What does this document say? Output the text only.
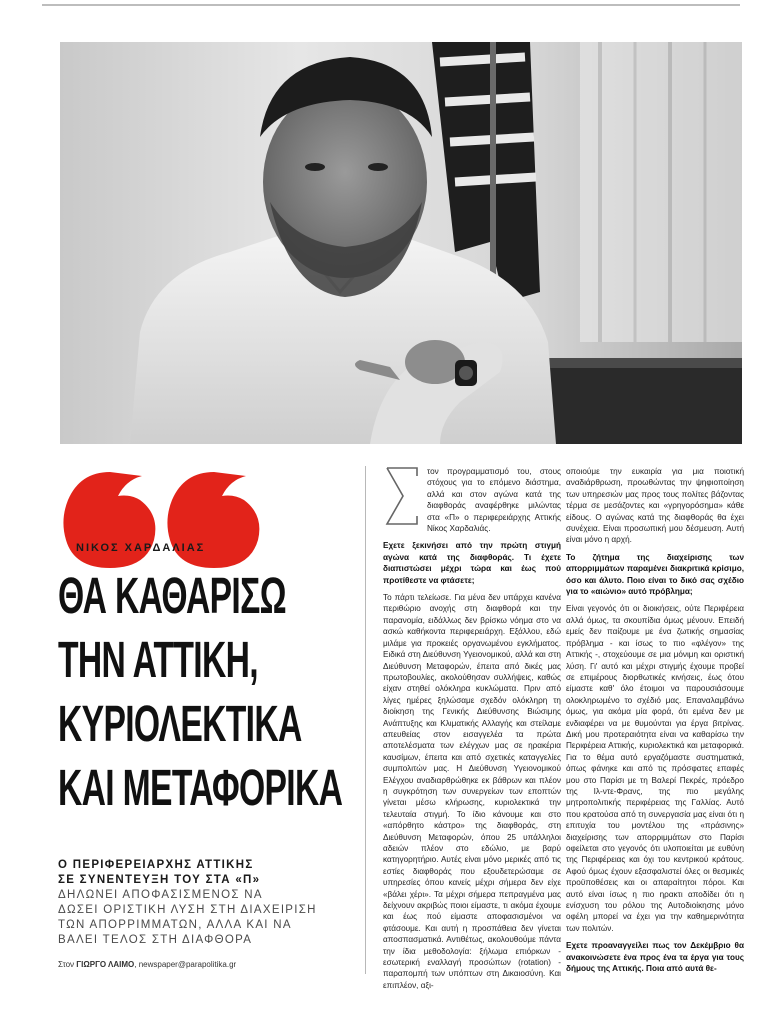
ΝΙΚΟΣ ΧΑΡΔΑΛΙΑΣ
ΘΑ ΚΑΘΑΡΙΣΩ
ΤΗΝ ΑΤΤΙΚΗ,
ΚΥΡΙΟΛΕΚΤΙΚΑ
ΚΑΙ ΜΕΤΑΦΟΡΙΚΑ
Ο ΠΕΡΙΦΕΡΕΙΑΡΧΗΣ ΑΤΤΙΚΗΣ
ΣΕ ΣΥΝΕΝΤΕΥΞΗ ΤΟΥ ΣΤΑ «Π»
ΔΗΛΩΝΕΙ ΑΠΟΦΑΣΙΣΜΕΝΟΣ ΝΑ
ΔΩΣΕΙ ΟΡΙΣΤΙΚΗ ΛΥΣΗ ΣΤΗ ΔΙΑΧΕΙΡΙΣΗ
ΤΩΝ ΑΠΟΡΡΙΜΜΑΤΩΝ, ΑΛΛΑ ΚΑΙ ΝΑ
ΒΑΛΕΙ ΤΕΛΟΣ ΣΤΗ ΔΙΑΦΘΟΡΑ
Στον ΓΙΩΡΓΟ ΛΑΙΜΟ, newspaper@parapolitika.gr

τον προγραμματισμό του, στους στόχους για το επόμενο διάστημα, αλλά και στον αγώνα κατά της διαφθοράς αναφέρθηκε μιλώντας στα «Π» ο περιφερειάρχης Αττικής Νίκος Χαρδαλιάς.

Εχετε ξεκινήσει από την πρώτη στιγμή αγώνα κατά της διαφθοράς. Τι έχετε διαπιστώσει μέχρι τώρα και έως πού προτίθεστε να φτάσετε;

Το πάρτι τελείωσε. Για μένα δεν υπάρχει κανένα περιθώριο ανοχής στη διαφθορά και την παρανομία, ειδάλλως δεν βρίσκω νόημα στο να ασκώ καθήκοντα περιφερειάρχη. Εξάλλου, εδώ μιλάμε για προκειές οργανωμένου εγκλήματος. Ειδικά στη Διεύθυνση Υγειονομικού, αλλά και στη Διεύθυνση Μεταφορών, έπειτα από δικές μας πρωτοβουλίες, ακολούθησαν συλλήψεις, καθώς είχαν στηθεί ολόκληρα κυκλώματα. Πριν από λίγες ημέρες ξηλώσαμε σχεδόν ολόκληρη τη διοίκηση της Γενικής Διεύθυνσης Βιώσιμης Ανάπτυξης και Κλιματικής Αλλαγής και στείλαμε απευθείας στον εισαγγελέα τα πρώτα αποτελέσματα των ελέγχων μας σε ηρακέρια καυσίμων, έπειτα και από σχετικές καταγγελίες συμπολιτών μας. Η Διεύθυνση Υγειονομικού Ελέγχου αναδιαρθρώθηκε εκ βάθρων και πλέον η συγκρότηση των συνεργείων των εποπτών γίνεται μέσω κλήρωσης, κυριολεκτικά την τελευταία στιγμή. Το ίδιο κάνουμε και στο «απόρθητο κάστρο» της διαφθοράς, στη Διεύθυνση Μεταφορών, όπου 25 υπάλληλοι αδειών πλέον στο εδώλιο, με βαρύ κατηγορητήριο. Αυτές είναι μόνο μερικές από τις εστίες διαφθοράς που εξουδετερώσαμε σε υπηρεσίες όπου κανείς μέχρι σήμερα δεν είχε «βάλει χέρι». Τα μέχρι σήμερα πεπραγμένα μας δείχνουν ακριβώς ποιοι είμαστε, τι ακόμα έχουμε και έως πού είμαστε αποφασισμένοι να φτάσουμε. Και αυτή η προσπάθεια δεν γίνεται αποσπασματικά. Αντιθέτως, ακολουθούμε πάντα την ίδια μεθοδολογία: ξήλωμα επιόρκων - εσωτερική εναλλαγή προσώπων (rotation) - παραπομπή των υπόπτων στη Δικαιοσύνη. Και επιπλέον, αξι-

οποιούμε την ευκαιρία για μια ποιοτική αναδιάρθρωση, προωθώντας την ψηφιοποίηση των υπηρεσιών μας προς τους πολίτες βάζοντας τέρμα σε μεσάζοντες και «γρηγορόσημα» κάθε είδους. Ο αγώνας κατά της διαφθοράς θα έχει συνέχεια. Είναι προσωπική μου δέσμευση. Αυτή είναι μόνο η αρχή.

Το ζήτημα της διαχείρισης των απορριμμάτων παραμένει διακριτικά κρίσιμο, όσο και άλυτο. Ποιο είναι το δικό σας σχέδιο για το «αιώνιο» αυτό πρόβλημα;

Είναι γεγονός ότι οι διοικήσεις, ούτε Περιφέρεια αλλά όμως, τα σκουπίδια όμως μένουν. Επειδή εμείς δεν παίζουμε με ένα ζωτικής σημασίας πρόβλημα - και ίσως το πιο «φλέγον» της Αττικής -, στοχεύουμε σε μια μόνιμη και οριστική λύση. Γι' αυτό και μέχρι στιγμής έχουμε προβεί σε επιμέρους διορθωτικές κινήσεις, έως ότου είμαστε καθ' όλο έτοιμοι να παρουσιάσουμε ολοκληρωμένο το σχέδιό μας. Επαναλαμβάνω όμως, για ακόμα μία φορά, ότι εμένα δεν με ενδιαφέρει να με θυμούνται για έργα βιτρίνας. Δική μου προτεραιότητα είναι να καθαρίσω την Περιφέρεια Αττικής, κυριολεκτικά και μεταφορικά. Για το θέμα αυτό εργαζόμαστε συστηματικά, όπως φάνηκε και από τις πρόσφατες επαφές μου στο Παρίσι με τη Βαλερί Πεκρές, πρόεδρο της Ιλ-ντε-Φρανς, της πιο μεγάλης μητροπολιτικής περιφέρειας της Γαλλίας. Αυτό που κρατούσα από τη συνεργασία μας είναι ότι η επιτυχία του μοντέλου της «πράσινης» διαχείρισης των απορριμμάτων στο Παρίσι οφείλεται στο γεγονός ότι υλοποιείται με ευθύνη της Περιφέρειας και όχι του κεντρικού κράτους. Αφού όμως έχουν εξασφαλιστεί όλες οι θεσμικές προϋποθέσεις και οι απαραίτητοι πόροι. Και αυτό είναι ίσως η πιο ηρακτι αποδίδει ότι η ενίσχυση του ρόλου της Αυτοδιοίκησης μόνο οφέλη μπορεί να έχει για την καθημερινότητα των πολιτών.

Εχετε προαναγγείλει πως τον Δεκέμβριο θα ανακοινώσετε ένα προς ένα τα έργα για τους δήμους της Αττικής. Ποια από αυτά θε-
